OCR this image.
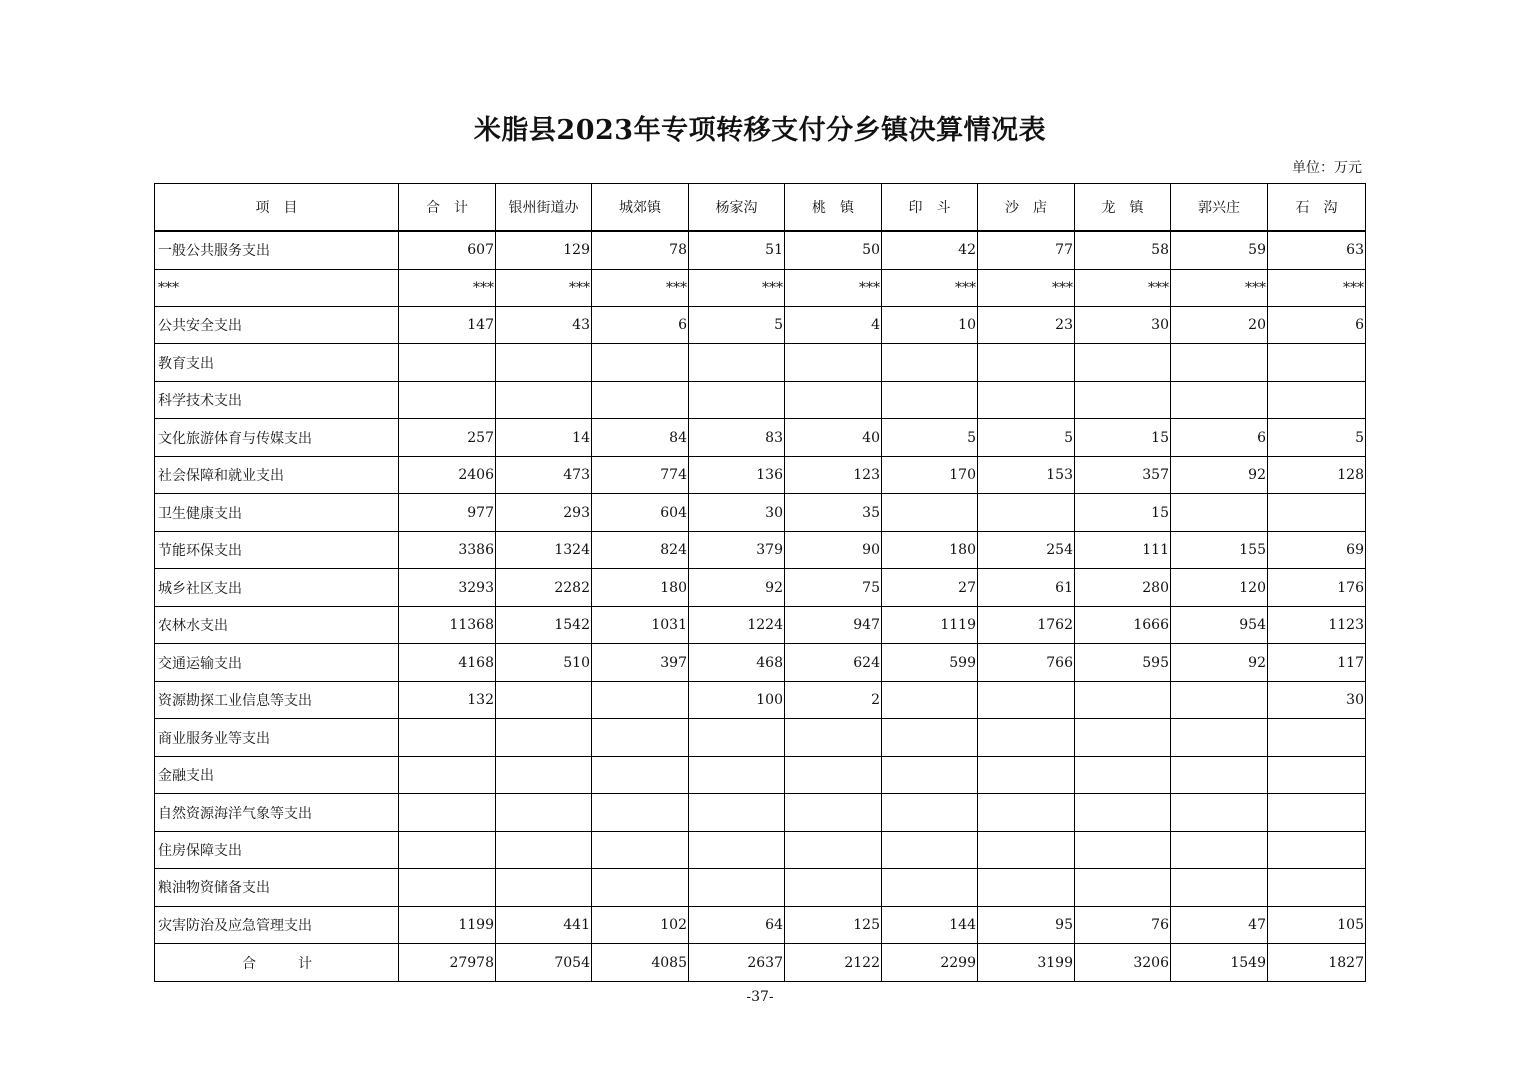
米脂县2023年专项转移支付分乡镇决算情况表
单位：万元
项　目	合　计	银州街道办	城郊镇	杨家沟	桃　镇	印　斗	沙　店	龙　镇	郭兴庄	石　沟
一般公共服务支出	607	129	78	51	50	42	77	58	59	63
***	***	***	***	***	***	***	***	***	***	***
公共安全支出	147	43	6	5	4	10	23	30	20	6
教育支出										
科学技术支出										
文化旅游体育与传媒支出	257	14	84	83	40	5	5	15	6	5
社会保障和就业支出	2406	473	774	136	123	170	153	357	92	128
卫生健康支出	977	293	604	30	35			15		
节能环保支出	3386	1324	824	379	90	180	254	111	155	69
城乡社区支出	3293	2282	180	92	75	27	61	280	120	176
农林水支出	11368	1542	1031	1224	947	1119	1762	1666	954	1123
交通运输支出	4168	510	397	468	624	599	766	595	92	117
资源勘探工业信息等支出	132			100	2					30
商业服务业等支出										
金融支出										
自然资源海洋气象等支出										
住房保障支出										
粮油物资储备支出										
灾害防治及应急管理支出	1199	441	102	64	125	144	95	76	47	105
合　　　计	27978	7054	4085	2637	2122	2299	3199	3206	1549	1827
-37-
